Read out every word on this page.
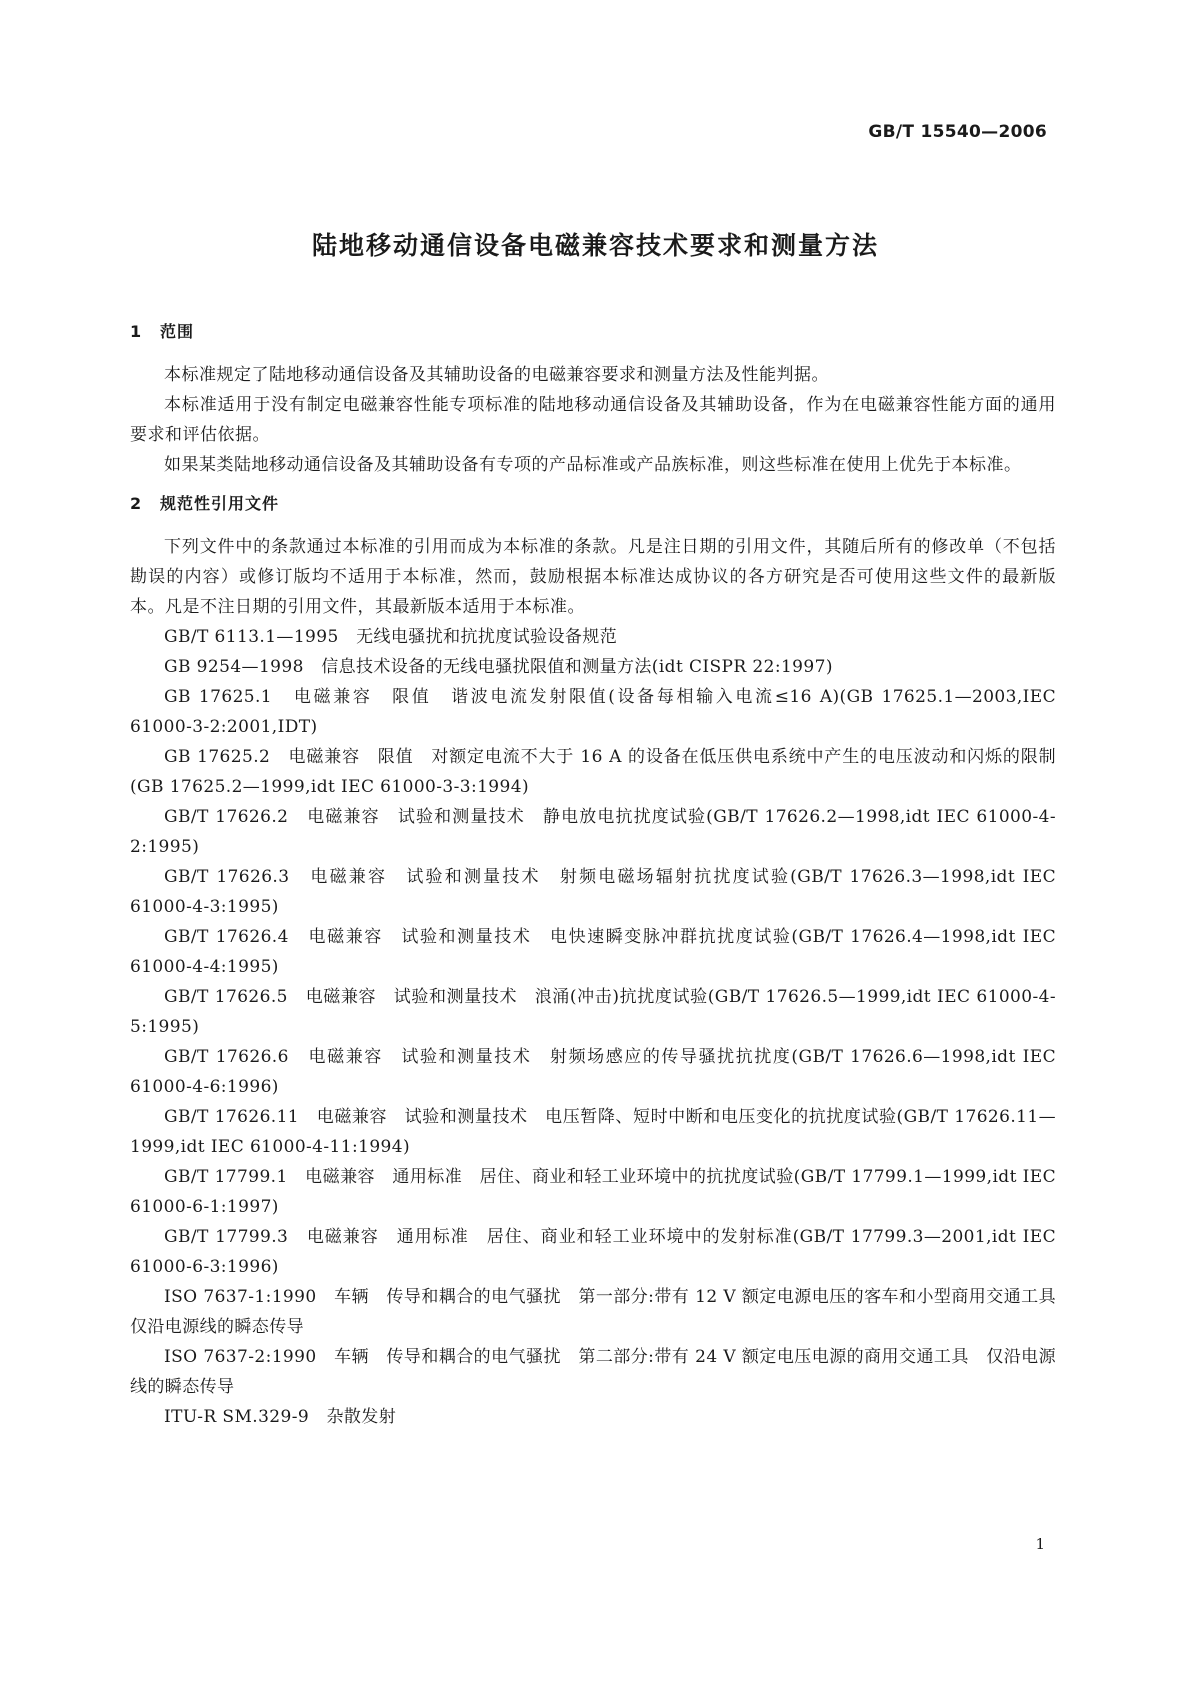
GB/T 15540—2006
陆地移动通信设备电磁兼容技术要求和测量方法
1 范围

本标准规定了陆地移动通信设备及其辅助设备的电磁兼容要求和测量方法及性能判据。

本标准适用于没有制定电磁兼容性能专项标准的陆地移动通信设备及其辅助设备，作为在电磁兼容性能方面的通用要求和评估依据。

如果某类陆地移动通信设备及其辅助设备有专项的产品标准或产品族标准，则这些标准在使用上优先于本标准。

2 规范性引用文件

下列文件中的条款通过本标准的引用而成为本标准的条款。凡是注日期的引用文件，其随后所有的修改单（不包括勘误的内容）或修订版均不适用于本标准，然而，鼓励根据本标准达成协议的各方研究是否可使用这些文件的最新版本。凡是不注日期的引用文件，其最新版本适用于本标准。

GB/T 6113.1—1995　无线电骚扰和抗扰度试验设备规范

GB 9254—1998　信息技术设备的无线电骚扰限值和测量方法(idt CISPR 22:1997)

GB 17625.1　电磁兼容　限值　谐波电流发射限值(设备每相输入电流≤16 A)(GB 17625.1—2003,IEC 61000-3-2:2001,IDT)

GB 17625.2　电磁兼容　限值　对额定电流不大于 16 A 的设备在低压供电系统中产生的电压波动和闪烁的限制(GB 17625.2—1999,idt IEC 61000-3-3:1994)

GB/T 17626.2　电磁兼容　试验和测量技术　静电放电抗扰度试验(GB/T 17626.2—1998,idt IEC 61000-4-2:1995)

GB/T 17626.3　电磁兼容　试验和测量技术　射频电磁场辐射抗扰度试验(GB/T 17626.3—1998,idt IEC 61000-4-3:1995)

GB/T 17626.4　电磁兼容　试验和测量技术　电快速瞬变脉冲群抗扰度试验(GB/T 17626.4—1998,idt IEC 61000-4-4:1995)

GB/T 17626.5　电磁兼容　试验和测量技术　浪涌(冲击)抗扰度试验(GB/T 17626.5—1999,idt IEC 61000-4-5:1995)

GB/T 17626.6　电磁兼容　试验和测量技术　射频场感应的传导骚扰抗扰度(GB/T 17626.6—1998,idt IEC 61000-4-6:1996)

GB/T 17626.11　电磁兼容　试验和测量技术　电压暂降、短时中断和电压变化的抗扰度试验(GB/T 17626.11—1999,idt IEC 61000-4-11:1994)

GB/T 17799.1　电磁兼容　通用标准　居住、商业和轻工业环境中的抗扰度试验(GB/T 17799.1—1999,idt IEC 61000-6-1:1997)

GB/T 17799.3　电磁兼容　通用标准　居住、商业和轻工业环境中的发射标准(GB/T 17799.3—2001,idt IEC 61000-6-3:1996)

ISO 7637-1:1990　车辆　传导和耦合的电气骚扰　第一部分:带有 12 V 额定电源电压的客车和小型商用交通工具　仅沿电源线的瞬态传导

ISO 7637-2:1990　车辆　传导和耦合的电气骚扰　第二部分:带有 24 V 额定电压电源的商用交通工具　仅沿电源线的瞬态传导

ITU-R SM.329-9　杂散发射

1
